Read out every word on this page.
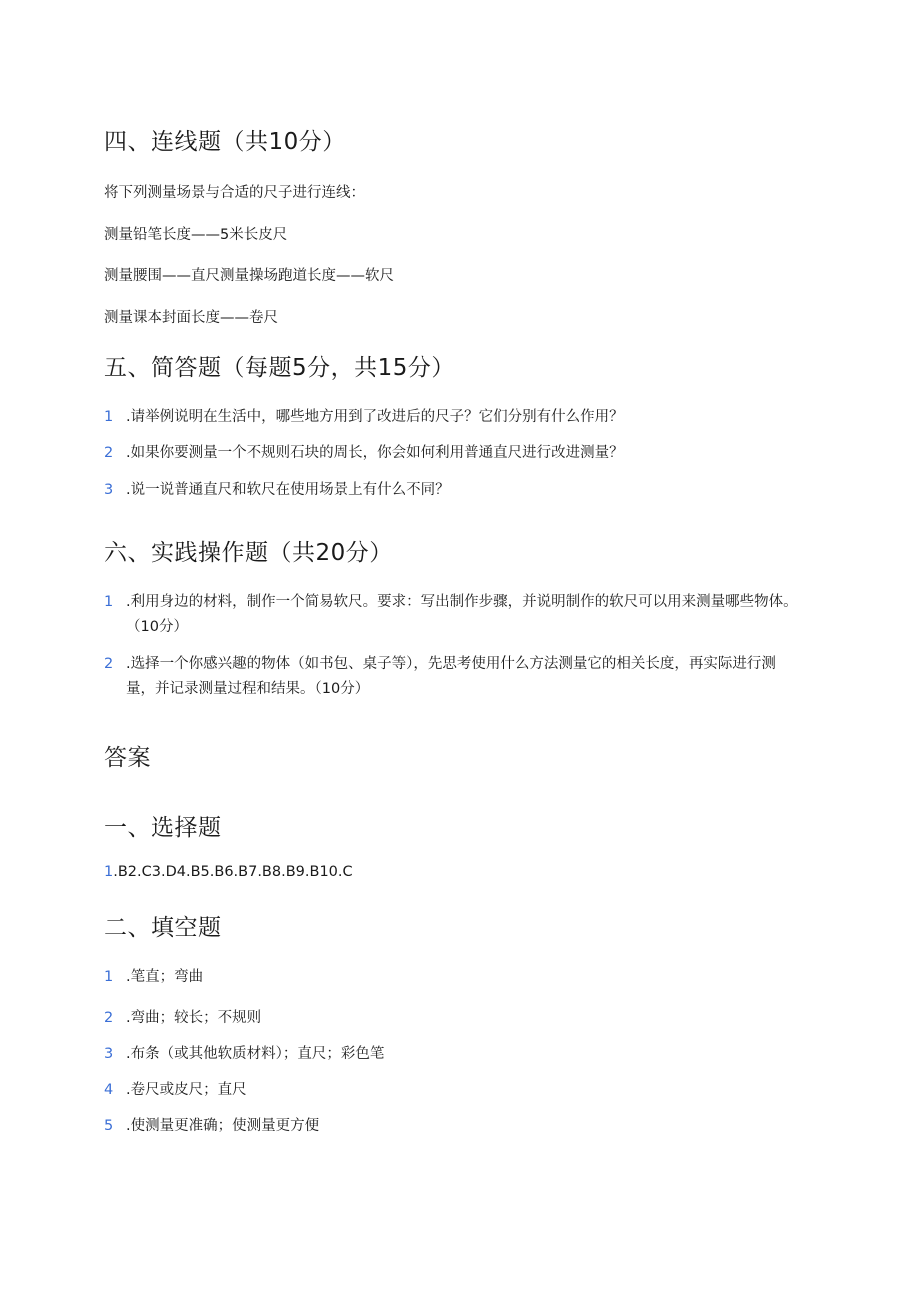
四、连线题（共10分）

将下列测量场景与合适的尺子进行连线：

测量铅笔长度——5米长皮尺

测量腰围——直尺测量操场跑道长度——软尺

测量课本封面长度——卷尺

五、简答题（每题5分，共15分）
1 .请举例说明在生活中，哪些地方用到了改进后的尺子？它们分别有什么作用？
2 .如果你要测量一个不规则石块的周长，你会如何利用普通直尺进行改进测量？
3 .说一说普通直尺和软尺在使用场景上有什么不同？
六、实践操作题（共20分）
1 .利用身边的材料，制作一个简易软尺。要求：写出制作步骤，并说明制作的软尺可以用来测量哪些物体。（10分）
2 .选择一个你感兴趣的物体（如书包、桌子等），先思考使用什么方法测量它的相关长度，再实际进行测量，并记录测量过程和结果。（10分）
答案
一、选择题
1.B2.C3.D4.B5.B6.B7.B8.B9.B10.C
二、填空题
1 .笔直；弯曲
2 .弯曲；较长；不规则
3 .布条（或其他软质材料）；直尺；彩色笔
4 .卷尺或皮尺；直尺
5 .使测量更准确；使测量更方便
